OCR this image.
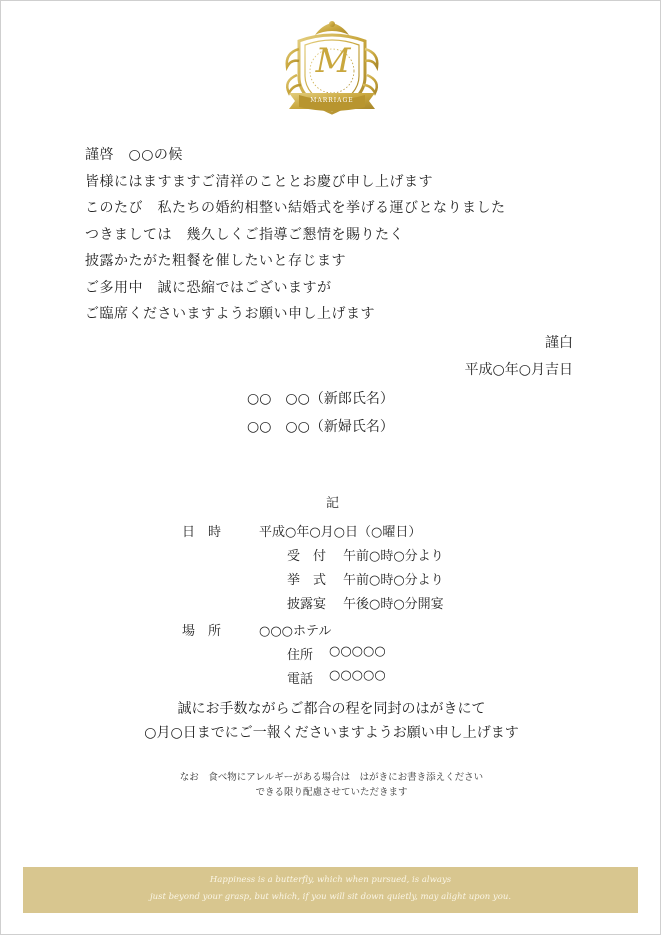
M
MARRIAGE
謹啓　○○の候
皆様にはますますご清祥のこととお慶び申し上げます
このたび　私たちの婚約相整い結婚式を挙げる運びとなりました
つきましては　幾久しくご指導ご懇情を賜りたく
披露かたがた粗餐を催したいと存じます
ご多用中　誠に恐縮ではございますが
ご臨席くださいますようお願い申し上げます
謹白
平成○年○月吉日
○○　○○（新郎氏名）
○○　○○（新婦氏名）
記
日　時	平成○年○月○日（○曜日）
受　付 午前○時○分より
挙　式 午前○時○分より
披露宴 午後○時○分開宴
場　所	○○○ホテル
住所 ○○○○○
電話 ○○○○○
誠にお手数ながらご都合の程を同封のはがきにて
○月○日までにご一報くださいますようお願い申し上げます
なお　食べ物にアレルギーがある場合は　はがきにお書き添えください
できる限り配慮させていただきます
Happiness is a butterfly, which when pursued, is always
just beyond your grasp, but which, if you will sit down quietly, may alight upon you.
